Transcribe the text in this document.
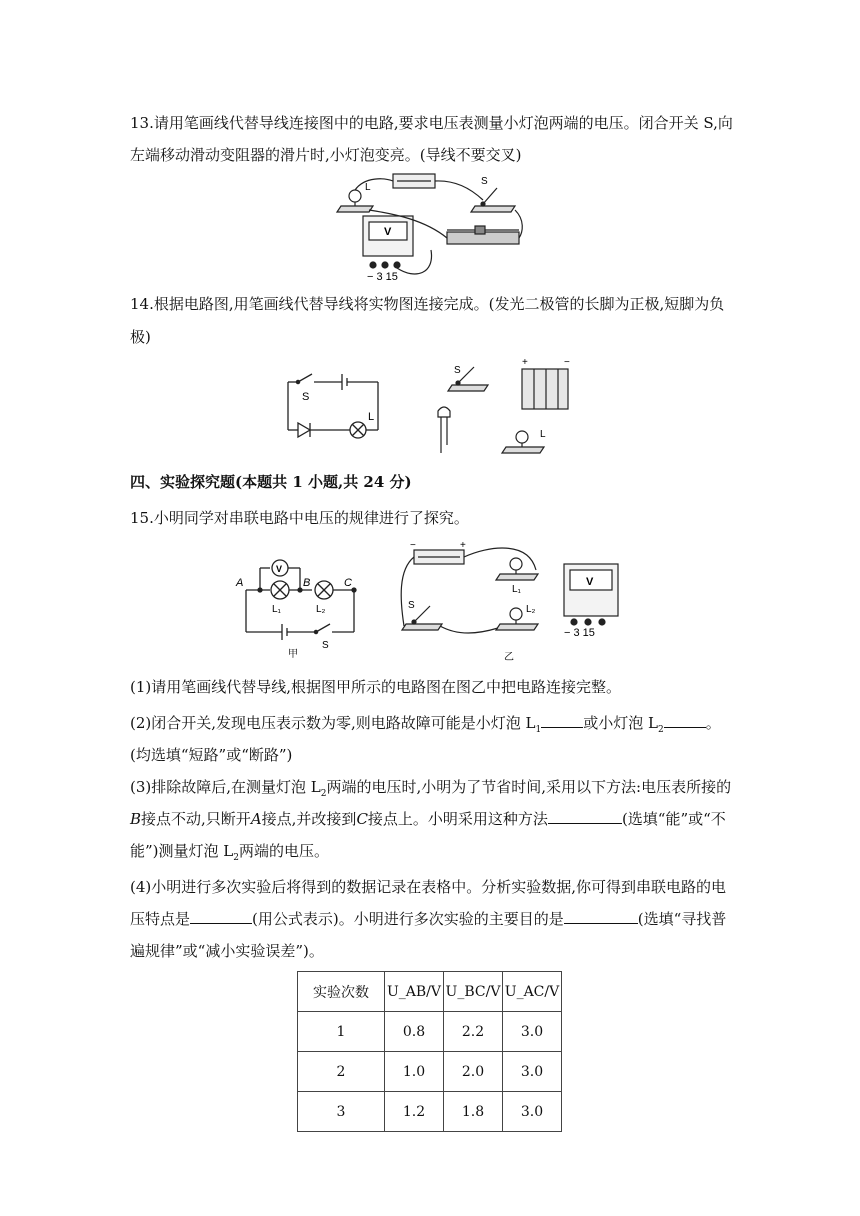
13.请用笔画线代替导线连接图中的电路,要求电压表测量小灯泡两端的电压。闭合开关 S,向
左端移动滑动变阻器的滑片时,小灯泡变亮。(导线不要交叉)
L
S
V
− 3 15
14.根据电路图,用笔画线代替导线将实物图连接完成。(发光二极管的长脚为正极,短脚为负
极)
S
L
S
+	−
L
四、实验探究题(本题共 1 小题,共 24 分)
15.小明同学对串联电路中电压的规律进行了探究。
V
A	B	C
L₁	L₂
S
甲
−	+
L₁
S	L₂
V
− 3 15
乙
(1)请用笔画线代替导线,根据图甲所示的电路图在图乙中把电路连接完整。
(2)闭合开关,发现电压表示数为零,则电路故障可能是小灯泡 $L_1$	或小灯泡 $L_2$	。
(均选填“短路”或“断路”)
(3)排除故障后,在测量灯泡 $L_2$两端的电压时,小明为了节省时间,采用以下方法:电压表所接的
B接点不动,只断开A接点,并改接到C接点上。小明采用这种方法	(选填“能”或“不
能”)测量灯泡 $L_2$两端的电压。
(4)小明进行多次实验后将得到的数据记录在表格中。分析实验数据,你可得到串联电路的电
压特点是	(用公式表示)。小明进行多次实验的主要目的是	(选填“寻找普
遍规律”或“减小实验误差”)。
实验次数	U_AB/V	U_BC/V	U_AC/V
1	0.8	2.2	3.0
2	1.0	2.0	3.0
3	1.2	1.8	3.0
